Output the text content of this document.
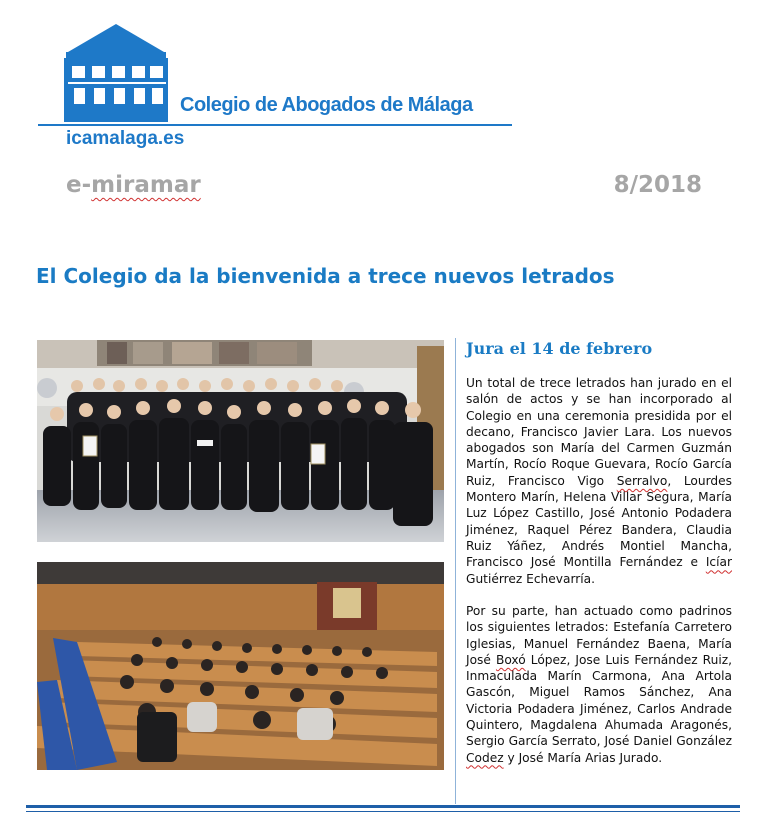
Colegio de Abogados de Málaga
icamalaga.es
e-miramar	8/2018
El Colegio da la bienvenida a trece nuevos letrados
Jura el 14 de febrero

Un total de trece letrados han jurado en el salón de actos y se han incorporado al Colegio en una ceremonia presidida por el decano, Francisco Javier Lara. Los nuevos abogados son María del Carmen Guzmán Martín, Rocío Roque Guevara, Rocío García Ruiz, Francisco Vigo Serralvo, Lourdes Montero Marín, Helena Villar Segura, María Luz López Castillo, José Antonio Podadera Jiménez, Raquel Pérez Bandera, Claudia Ruiz Yáñez, Andrés Montiel Mancha, Francisco José Montilla Fernández e Icíar Gutiérrez Echevarría.

Por su parte, han actuado como padrinos los siguientes letrados: Estefanía Carretero Iglesias, Manuel Fernández Baena, María José Boxó López, Jose Luis Fernández Ruiz, Inmaculada Marín Carmona, Ana Artola Gascón, Miguel Ramos Sánchez, Ana Victoria Podadera Jiménez, Carlos Andrade Quintero, Magdalena Ahumada Aragonés, Sergio García Serrato, José Daniel González Codez y José María Arias Jurado.
